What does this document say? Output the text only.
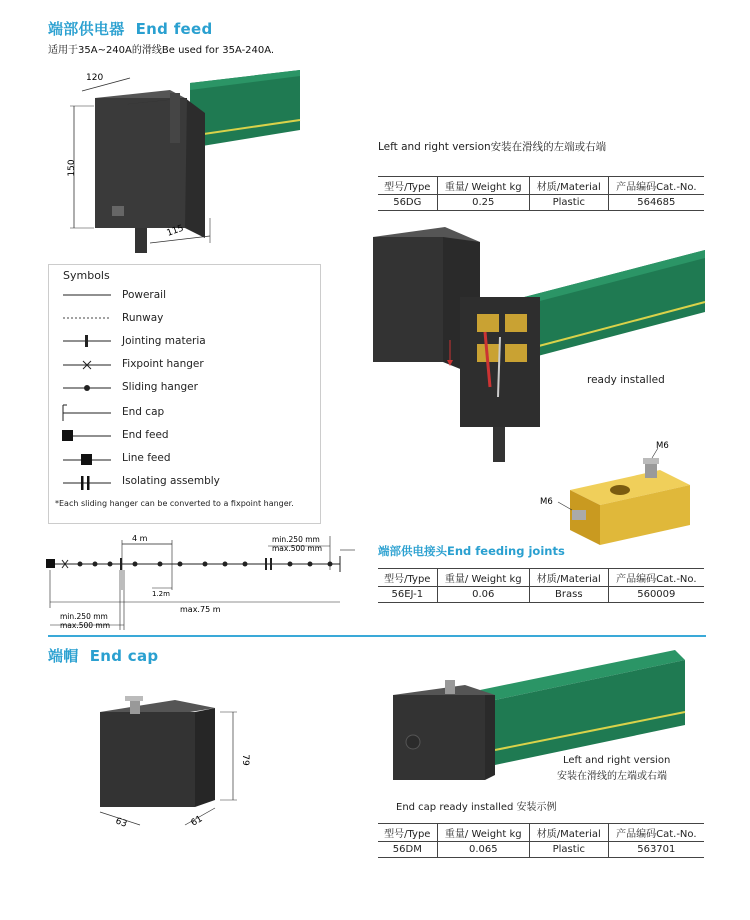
端部供电器 End feed
适用于35A~240A的滑线Be used for 35A-240A.
120
150
115
Left and right version安装在滑线的左端或右端
型号/Type	重量/ Weight kg	材质/Material	产品编码Cat.-No.
56DG	0.25	Plastic	564685
ready installed
Symbols
Powerail
Runway
Jointing materia
Fixpoint hanger
Sliding hanger
End cap
End feed
Line feed
Isolating assembly
*Each sliding hanger can be converted to a fixpoint hanger.
4 m
1.2m
min.250 mm
max.500 mm
max.75 m
min.250 mm
max.500 mm
M6
M6
端部供电接头End feeding joints
型号/Type	重量/ Weight kg	材质/Material	产品编码Cat.-No.
56EJ-1	0.06	Brass	560009
端帽 End cap
79
63	61
Left and right version
安装在滑线的左端或右端
End cap ready installed 安装示例
型号/Type	重量/ Weight kg	材质/Material	产品编码Cat.-No.
56DM	0.065	Plastic	563701
